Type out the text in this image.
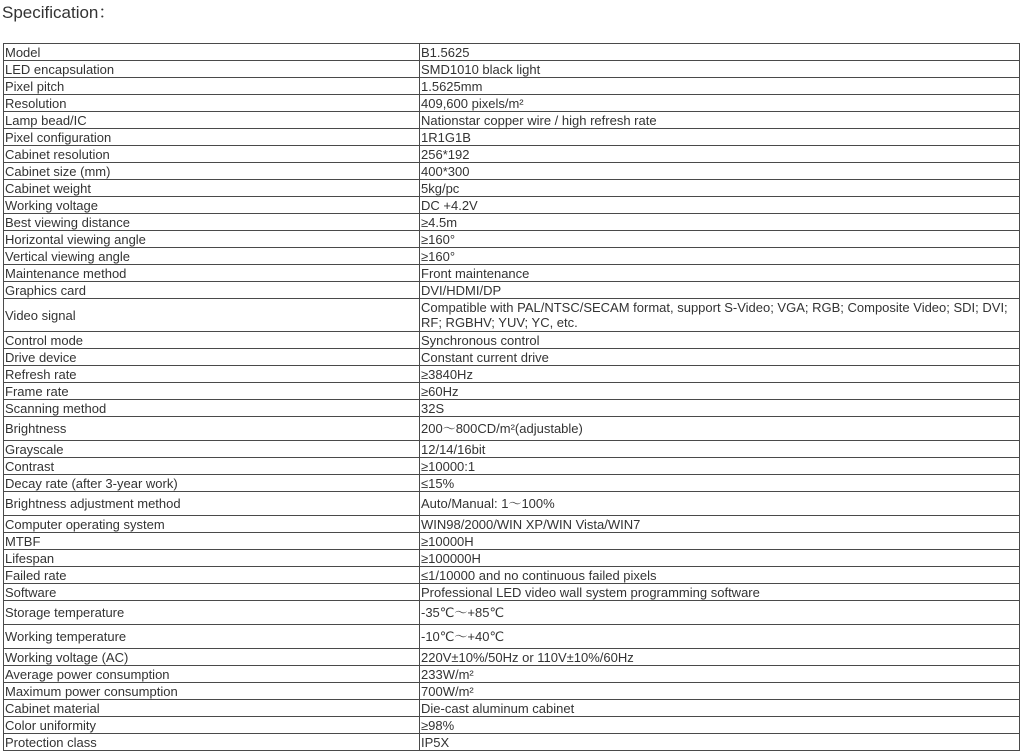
Specification：
Model	B1.5625
LED encapsulation	SMD1010 black light
Pixel pitch	1.5625mm
Resolution	409,600 pixels/m²
Lamp bead/IC	Nationstar copper wire / high refresh rate
Pixel configuration	1R1G1B
Cabinet resolution	256*192
Cabinet size (mm)	400*300
Cabinet weight	5kg/pc
Working voltage	DC +4.2V
Best viewing distance	≥4.5m
Horizontal viewing angle	≥160°
Vertical viewing angle	≥160°
Maintenance method	Front maintenance
Graphics card	DVI/HDMI/DP
Video signal	Compatible with PAL/NTSC/SECAM format, support S-Video; VGA; RGB; Composite Video; SDI; DVI; RF; RGBHV; YUV; YC, etc.
Control mode	Synchronous control
Drive device	Constant current drive
Refresh rate	≥3840Hz
Frame rate	≥60Hz
Scanning method	32S
Brightness	200～800CD/m²(adjustable)
Grayscale	12/14/16bit
Contrast	≥10000:1
Decay rate (after 3-year work)	≤15%
Brightness adjustment method	Auto/Manual: 1～100%
Computer operating system	WIN98/2000/WIN XP/WIN Vista/WIN7
MTBF	≥10000H
Lifespan	≥100000H
Failed rate	≤1/10000 and no continuous failed pixels
Software	Professional LED video wall system programming software
Storage temperature	-35℃～+85℃
Working temperature	-10℃～+40℃
Working voltage (AC)	220V±10%/50Hz or 110V±10%/60Hz
Average power consumption	233W/m²
Maximum power consumption	700W/m²
Cabinet material	Die-cast aluminum cabinet
Color uniformity	≥98%
Protection class	IP5X
